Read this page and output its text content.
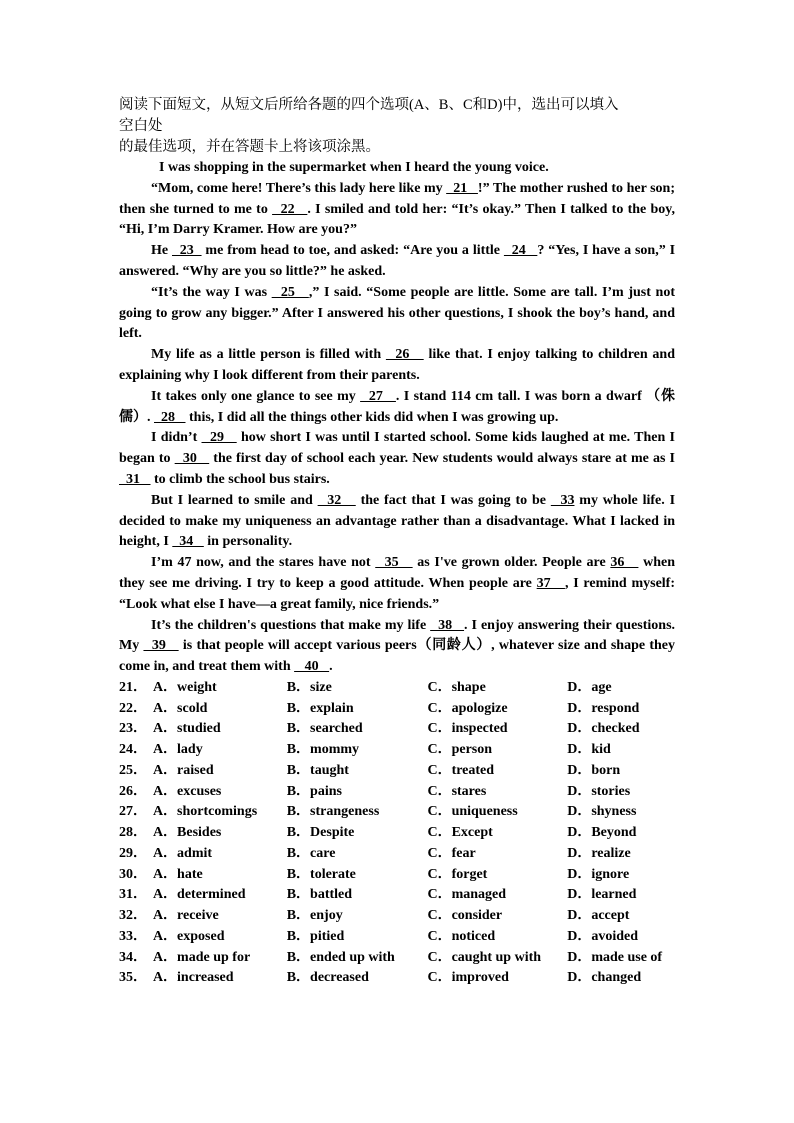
阅读下面短文，从短文后所给各题的四个选项(A、B、C和D)中，选出可以填入

空白处

的最佳选项，并在答题卡上将该项涂黑。

I was shopping in the supermarket when I heard the young voice.

“Mom, come here! There’s this lady here like my   21   !” The mother rushed to her son; then she turned to me to   22   . I smiled and told her: “It’s okay.” Then I talked to the boy, “Hi, I’m Darry Kramer. How are you?”

He   23   me from head to toe, and asked: “Are you a little   24   ? “Yes, I have a son,” I answered. “Why are you so little?” he asked.

“It’s the way I was   25   ,” I said. “Some people are little. Some are tall. I’m just not going to grow any bigger.” After I answered his other questions, I shook the boy’s hand, and left.

My life as a little person is filled with   26    like that. I enjoy talking to children and explaining why I look different from their parents.

It takes only one glance to see my   27   . I stand 114 cm tall. I was born a dwarf （侏儒）.   28    this, I did all the things other kids did when I was growing up.

I didn’t   29    how short I was until I started school. Some kids laughed at me. Then I began to   30    the first day of school each year. New students would always stare at me as I  31    to climb the school bus stairs.

But I learned to smile and   32    the fact that I was going to be   33 my whole life. I decided to make my uniqueness an advantage rather than a disadvantage. What I lacked in height, I   34    in personality.

I’m 47 now, and the stares have not   35    as I've grown older. People are 36    when they see me driving. I try to keep a good attitude. When people are 37   , I remind myself: “Look what else I have—a great family, nice friends.”

It’s the children's questions that make my life   38   . I enjoy answering their questions. My   39    is that people will accept various peers（同龄人）, whatever size and shape they come in, and treat them with    40   .

21． A．weight	B．size	C．shape	D．age
22． A．scold	B．explain	C．apologize	D．respond
23． A．studied	B．searched	C．inspected	D．checked
24． A．lady	B．mommy	C．person	D．kid
25． A．raised	B．taught	C．treated	D．born
26． A．excuses	B．pains	C．stares	D．stories
27． A．shortcomings	B．strangeness	C．uniqueness	D．shyness
28． A．Besides	B．Despite	C．Except	D．Beyond
29． A．admit	B．care	C．fear	D．realize
30． A．hate	B．tolerate	C．forget	D．ignore
31． A．determined	B．battled	C．managed	D．learned
32． A．receive	B．enjoy	C．consider	D．accept
33． A．exposed	B．pitied	C．noticed	D．avoided
34． A．made up for	B．ended up with	C．caught up with	D．made use of
35． A．increased	B．decreased	C．improved	D．changed
